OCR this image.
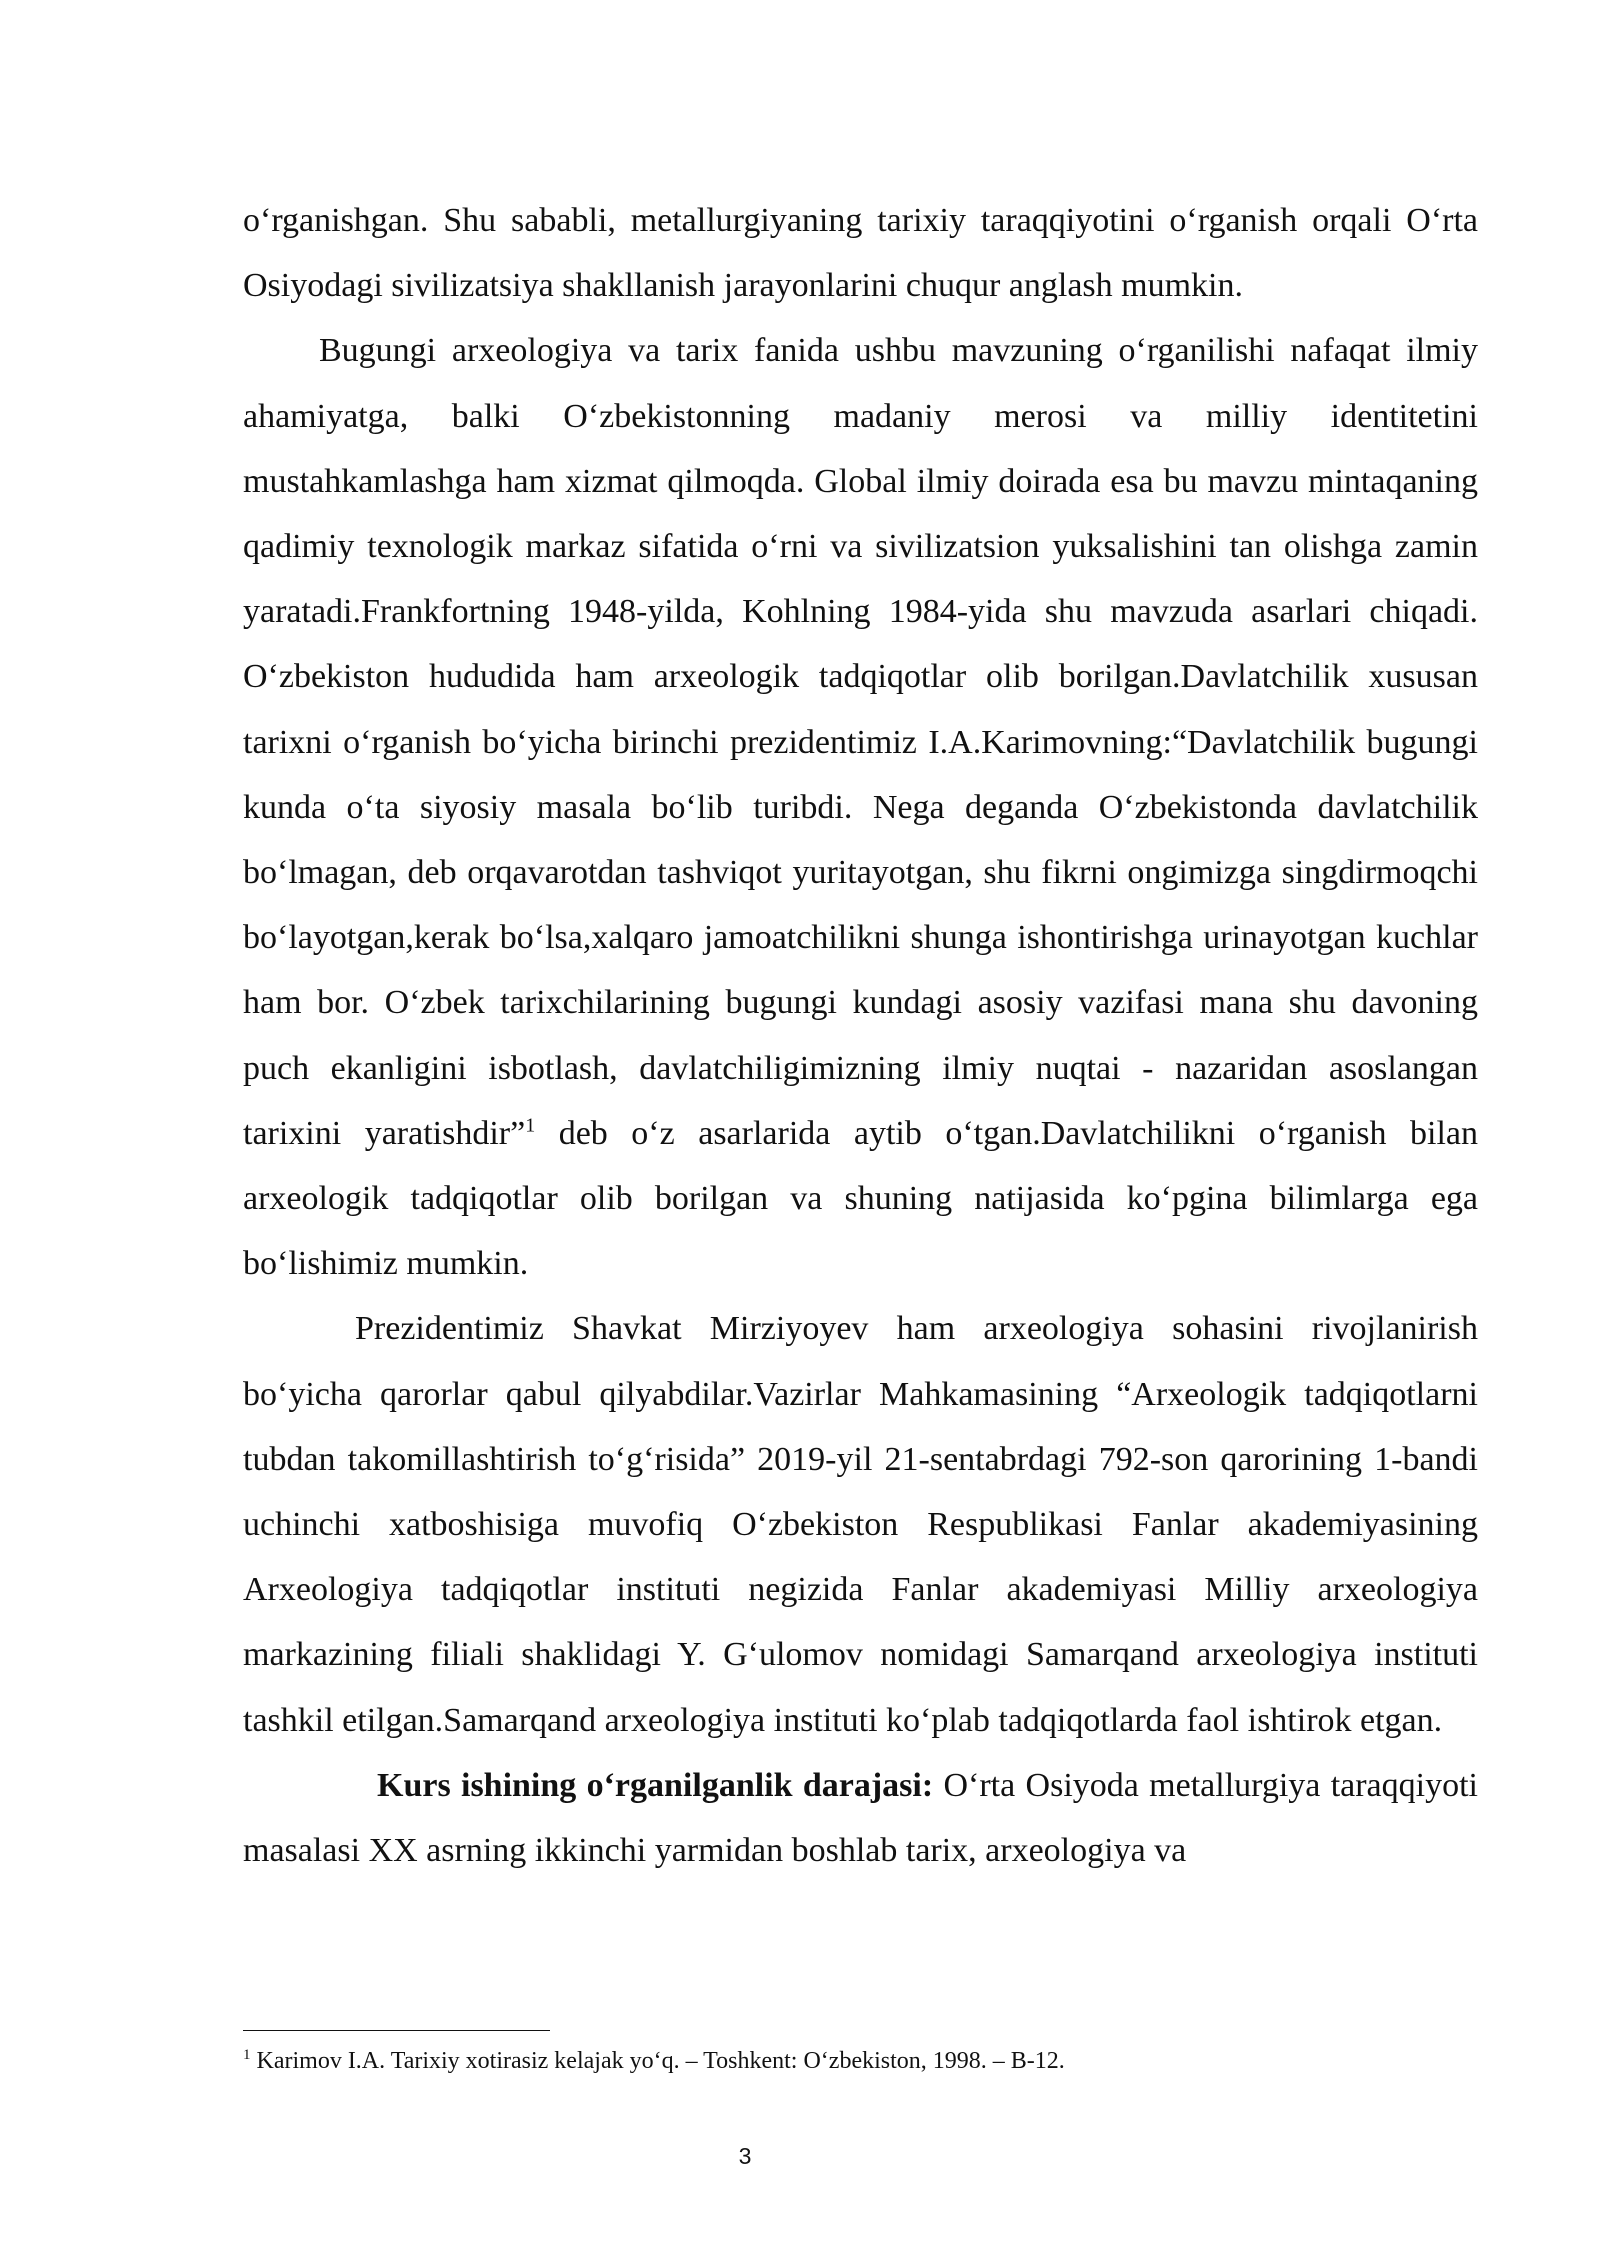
o‘rganishgan. Shu sababli, metallurgiyaning tarixiy taraqqiyotini o‘rganish orqali O‘rta Osiyodagi sivilizatsiya shakllanish jarayonlarini chuqur anglash mumkin.

Bugungi arxeologiya va tarix fanida ushbu mavzuning o‘rganilishi nafaqat ilmiy ahamiyatga, balki O‘zbekistonning madaniy merosi va milliy identitetini mustahkamlashga ham xizmat qilmoqda. Global ilmiy doirada esa bu mavzu mintaqaning qadimiy texnologik markaz sifatida o‘rni va sivilizatsion yuksalishini tan olishga zamin yaratadi.Frankfortning 1948-yilda, Kohlning 1984-yida shu mavzuda asarlari chiqadi. O‘zbekiston hududida ham arxeologik tadqiqotlar olib borilgan.Davlatchilik xususan tarixni o‘rganish bo‘yicha birinchi prezidentimiz I.A.Karimovning:“Davlatchilik bugungi kunda o‘ta siyosiy masala bo‘lib turibdi. Nega deganda O‘zbekistonda davlatchilik bo‘lmagan, deb orqavarotdan tashviqot yuritayotgan, shu fikrni ongimizga singdirmoqchi bo‘layotgan,kerak bo‘lsa,xalqaro jamoatchilikni shunga ishontirishga urinayotgan kuchlar ham bor. O‘zbek tarixchilarining bugungi kundagi asosiy vazifasi mana shu davoning puch ekanligini isbotlash, davlatchiligimizning ilmiy nuqtai - nazaridan asoslangan tarixini yaratishdir”$^1$ deb o‘z asarlarida aytib o‘tgan.Davlatchilikni o‘rganish bilan arxeologik tadqiqotlar olib borilgan va shuning natijasida ko‘pgina bilimlarga ega bo‘lishimiz mumkin.

Prezidentimiz Shavkat Mirziyoyev ham arxeologiya sohasini rivojlanirish bo‘yicha qarorlar qabul qilyabdilar.Vazirlar Mahkamasining “Arxeologik tadqiqotlarni tubdan takomillashtirish to‘g‘risida” 2019-yil 21-sentabrdagi 792-son qarorining 1-bandi uchinchi xatboshisiga muvofiq O‘zbekiston Respublikasi Fanlar akademiyasining Arxeologiya tadqiqotlar instituti negizida Fanlar akademiyasi Milliy arxeologiya markazining filiali shaklidagi Y. G‘ulomov nomidagi Samarqand arxeologiya instituti tashkil etilgan.Samarqand arxeologiya instituti ko‘plab tadqiqotlarda faol ishtirok etgan.

Kurs ishining o‘rganilganlik darajasi: O‘rta Osiyoda metallurgiya taraqqiyoti masalasi XX asrning ikkinchi yarmidan boshlab tarix, arxeologiya va

$^1$ Karimov I.A. Tarixiy xotirasiz kelajak yo‘q. – Toshkent: O‘zbekiston, 1998. – B-12.
3
